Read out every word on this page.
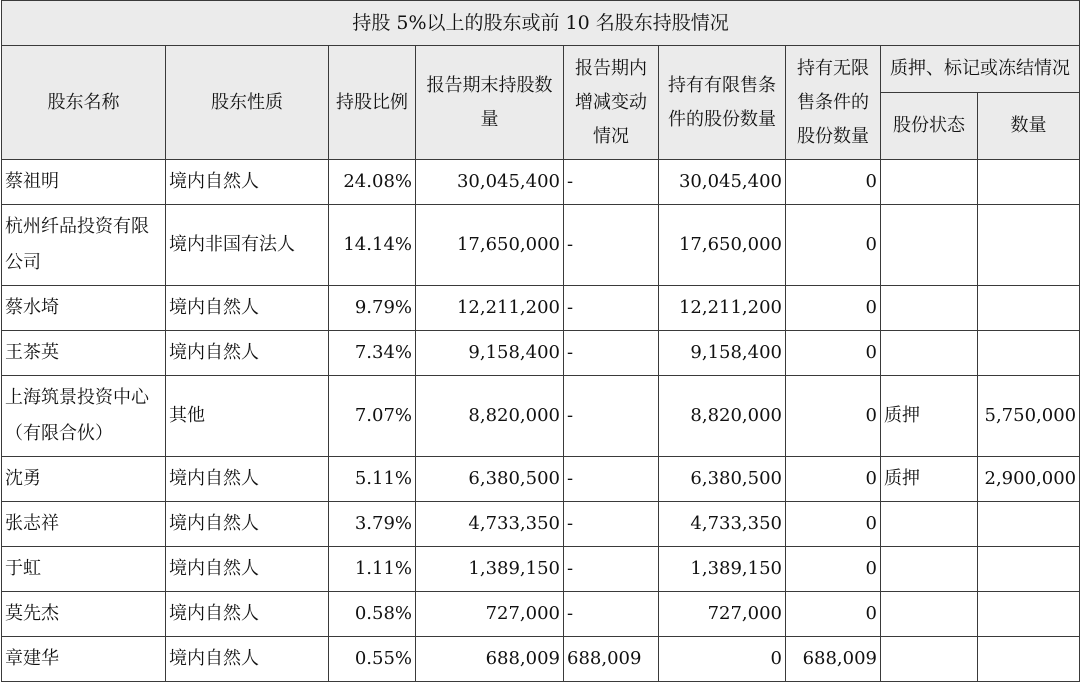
持股 5%以上的股东或前 10 名股东持股情况								
股东名称	股东性质	持股比例	报告期末持股数量	报告期内增减变动情况	持有有限售条件的股份数量	持有无限售条件的股份数量	质押、标记或冻结情况	
							股份状态	数量
蔡祖明	境内自然人	24.08%	30,045,400	-	30,045,400	0		
杭州纤品投资有限公司	境内非国有法人	14.14%	17,650,000	-	17,650,000	0		
蔡水埼	境内自然人	9.79%	12,211,200	-	12,211,200	0		
王茶英	境内自然人	7.34%	9,158,400	-	9,158,400	0		
上海筑景投资中心（有限合伙）	其他	7.07%	8,820,000	-	8,820,000	0	质押	5,750,000
沈勇	境内自然人	5.11%	6,380,500	-	6,380,500	0	质押	2,900,000
张志祥	境内自然人	3.79%	4,733,350	-	4,733,350	0		
于虹	境内自然人	1.11%	1,389,150	-	1,389,150	0		
莫先杰	境内自然人	0.58%	727,000	-	727,000	0		
章建华	境内自然人	0.55%	688,009	688,009	0	688,009		
